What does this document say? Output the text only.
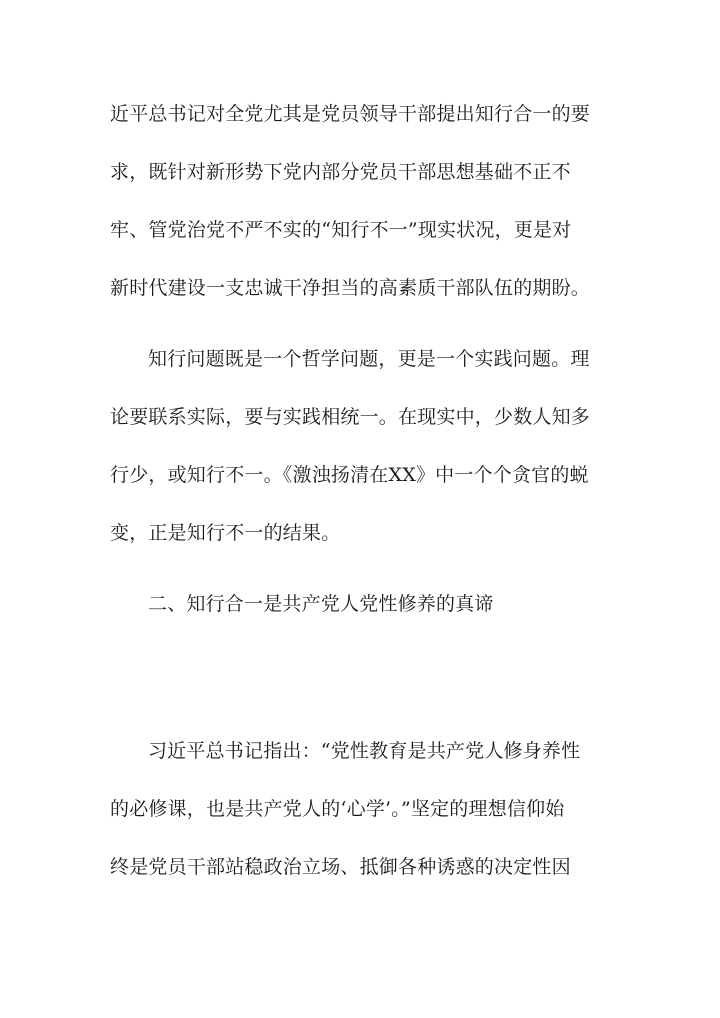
近平总书记对全党尤其是党员领导干部提出知行合一的要
求，既针对新形势下党内部分党员干部思想基础不正不
牢、管党治党不严不实的“知行不一”现实状况，更是对
新时代建设一支忠诚干净担当的高素质干部队伍的期盼。
知行问题既是一个哲学问题，更是一个实践问题。理
论要联系实际，要与实践相统一。在现实中，少数人知多
行少，或知行不一。《激浊扬清在XX》中一个个贪官的蜕
变，正是知行不一的结果。
二、知行合一是共产党人党性修养的真谛
习近平总书记指出：“党性教育是共产党人修身养性
的必修课，也是共产党人的‘心学’。”坚定的理想信仰始
终是党员干部站稳政治立场、抵御各种诱惑的决定性因
